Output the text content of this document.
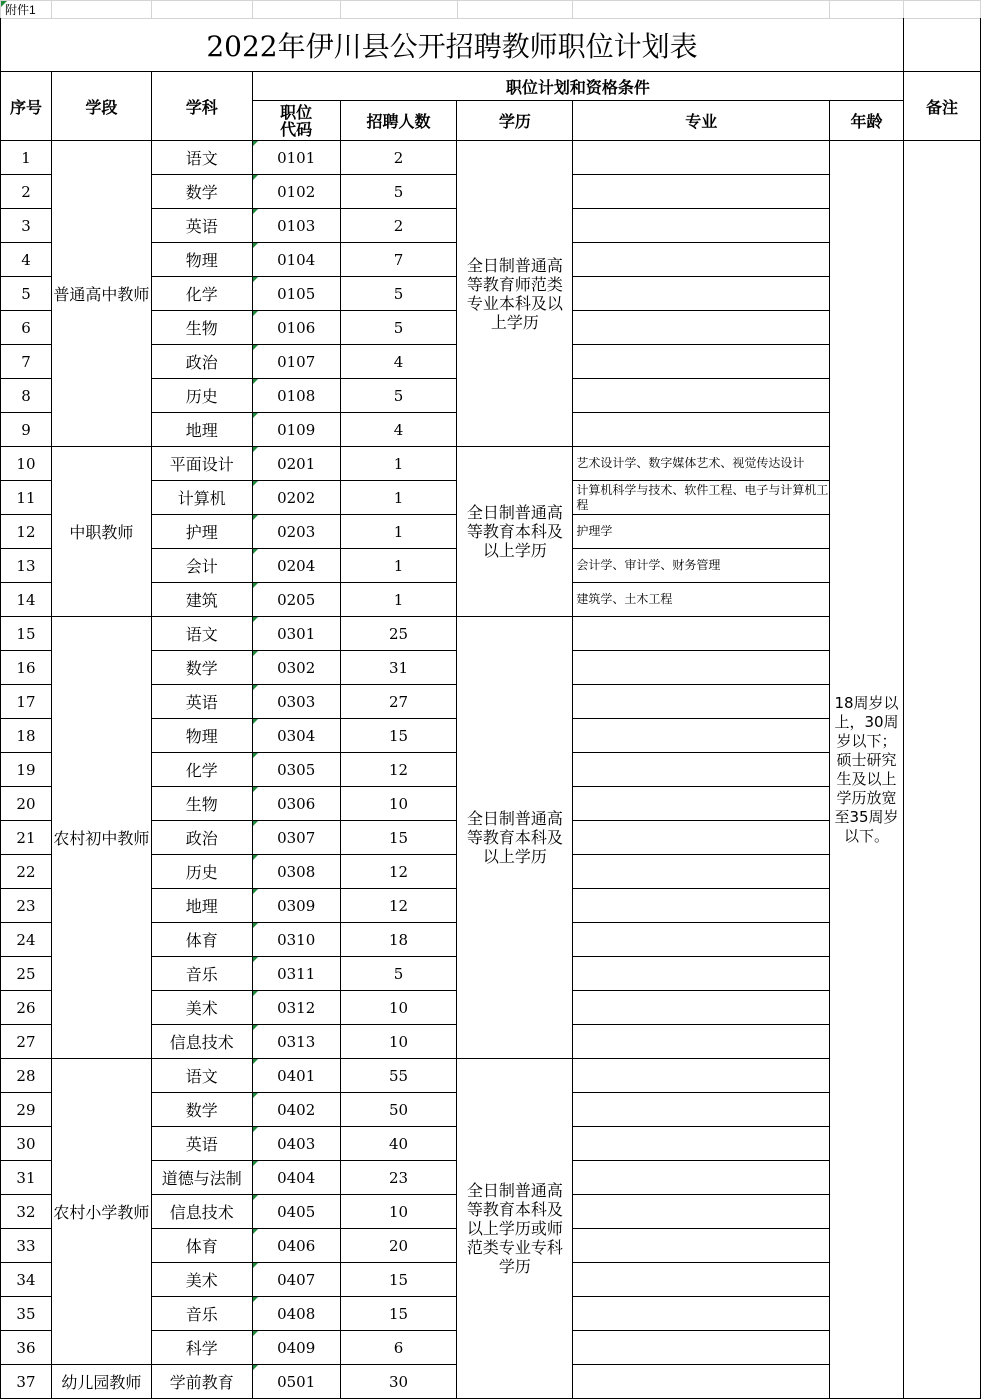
附件1								
2022年伊川县公开招聘教师职位计划表								
序号	学段	学科	职位计划和资格条件					备注
			职位
代码	招聘人数	学历	专业	年龄	
1	普通高中教师	语文	0101	2	全日制普通高等教育师范类专业本科及以上学历		18周岁以上，30周岁以下；硕士研究生及以上学历放宽至35周岁以下。	
2		数学	0102	5				
3		英语	0103	2				
4		物理	0104	7				
5		化学	0105	5				
6		生物	0106	5				
7		政治	0107	4				
8		历史	0108	5				
9		地理	0109	4				
10	中职教师	平面设计	0201	1	全日制普通高等教育本科及以上学历	艺术设计学、数字媒体艺术、视觉传达设计		
11		计算机	0202	1		计算机科学与技术、软件工程、电子与计算机工程		
12		护理	0203	1		护理学		
13		会计	0204	1		会计学、审计学、财务管理		
14		建筑	0205	1		建筑学、土木工程		
15	农村初中教师	语文	0301	25	全日制普通高等教育本科及以上学历			
16		数学	0302	31				
17		英语	0303	27				
18		物理	0304	15				
19		化学	0305	12				
20		生物	0306	10				
21		政治	0307	15				
22		历史	0308	12				
23		地理	0309	12				
24		体育	0310	18				
25		音乐	0311	5				
26		美术	0312	10				
27		信息技术	0313	10				
28	农村小学教师	语文	0401	55	全日制普通高等教育本科及以上学历或师范类专业专科学历			
29		数学	0402	50				
30		英语	0403	40				
31		道德与法制	0404	23				
32		信息技术	0405	10				
33		体育	0406	20				
34		美术	0407	15				
35		音乐	0408	15				
36		科学	0409	6				
37	幼儿园教师	学前教育	0501	30				
